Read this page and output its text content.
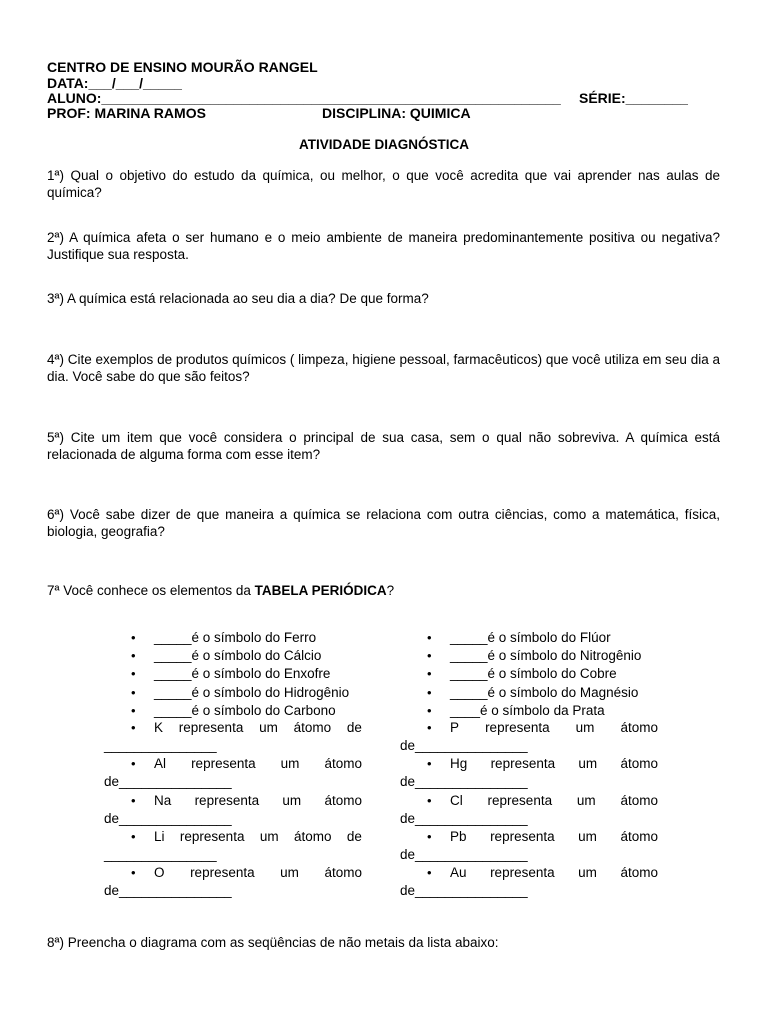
CENTRO DE ENSINO MOURÃO RANGEL
DATA:___/___/_____
ALUNO:___________________________________________________________ SÉRIE:________
PROF: MARINA RAMOS	DISCIPLINA: QUIMICA
ATIVIDADE DIAGNÓSTICA
1ª) Qual o objetivo do estudo da química, ou melhor, o que você acredita que vai aprender nas aulas de química?
2ª) A química afeta o ser humano e o meio ambiente de maneira predominantemente positiva ou negativa? Justifique sua resposta.
3ª) A química está relacionada ao seu dia a dia? De que forma?
4ª) Cite exemplos de produtos químicos ( limpeza, higiene pessoal, farmacêuticos) que você utiliza em seu dia a dia. Você sabe do que são feitos?
5ª) Cite um item que você considera o principal de sua casa, sem o qual não sobreviva. A química está relacionada de alguma forma com esse item?
6ª) Você sabe dizer de que maneira a química se relaciona com outra ciências, como a matemática, física, biologia, geografia?
7ª Você conhece os elementos da TABELA PERIÓDICA?
• _____é o símbolo do Ferro
• _____é o símbolo do Cálcio
• _____é o símbolo do Enxofre
• _____é o símbolo do Hidrogênio
• _____é o símbolo do Carbono
• K representa um átomo de
_______________
• Al representa um átomo
de_______________
• Na representa um átomo
de_______________
• Li representa um átomo de
_______________
• O representa um átomo
de_______________
• _____é o símbolo do Flúor
• _____é o símbolo do Nitrogênio
• _____é o símbolo do Cobre
• _____é o símbolo do Magnésio
• ____é o símbolo da Prata
• P representa um átomo
de_______________
• Hg representa um átomo
de_______________
• Cl representa um átomo
de_______________
• Pb representa um átomo
de_______________
• Au representa um átomo
de_______________
8ª) Preencha o diagrama com as seqüências de não metais da lista abaixo:
